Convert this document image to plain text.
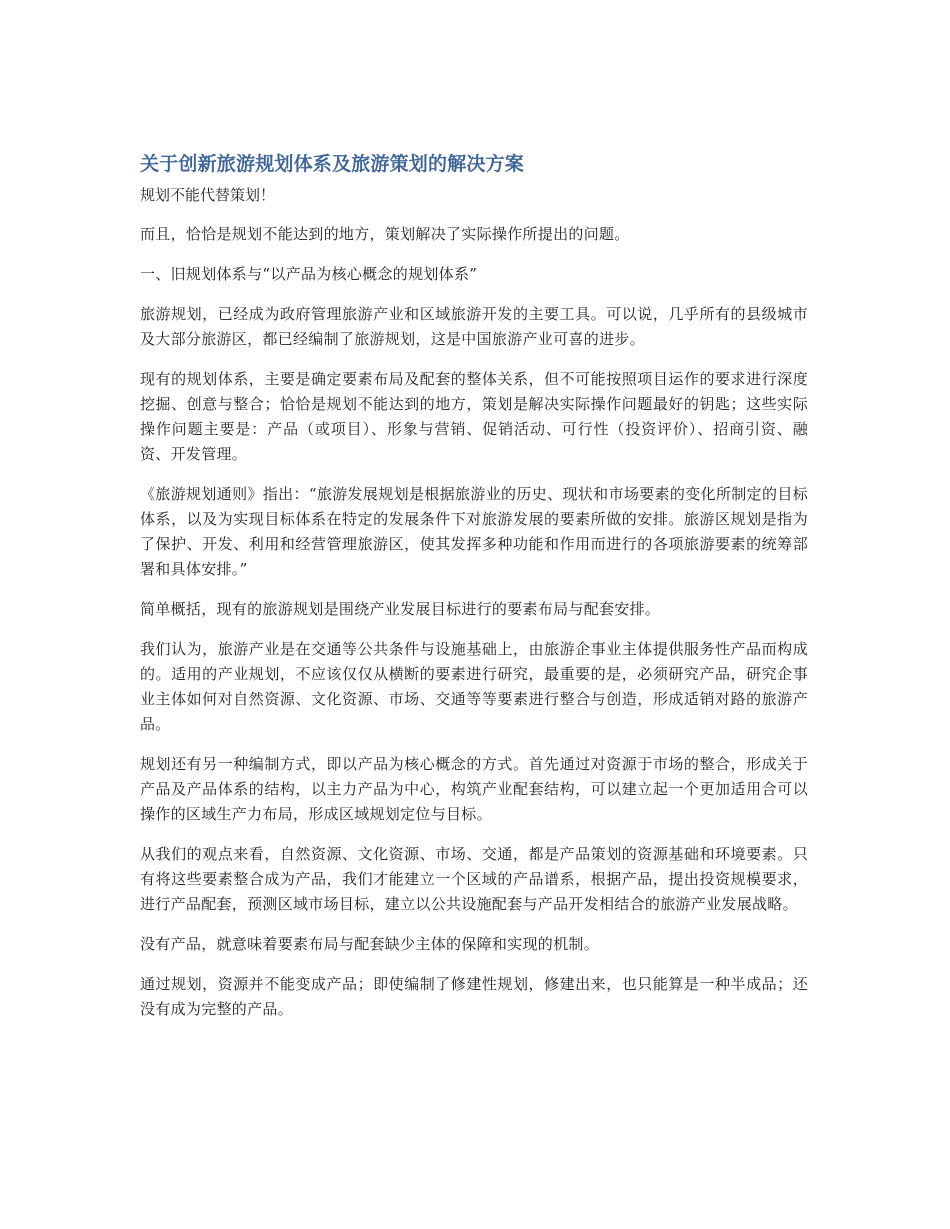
关于创新旅游规划体系及旅游策划的解决方案

规划不能代替策划！

而且，恰恰是规划不能达到的地方，策划解决了实际操作所提出的问题。

一、旧规划体系与“以产品为核心概念的规划体系”

旅游规划，已经成为政府管理旅游产业和区域旅游开发的主要工具。可以说，几乎所有的县级城市及大部分旅游区，都已经编制了旅游规划，这是中国旅游产业可喜的进步。

现有的规划体系，主要是确定要素布局及配套的整体关系，但不可能按照项目运作的要求进行深度挖掘、创意与整合；恰恰是规划不能达到的地方，策划是解决实际操作问题最好的钥匙；这些实际操作问题主要是：产品（或项目）、形象与营销、促销活动、可行性（投资评价）、招商引资、融资、开发管理。

《旅游规划通则》指出：“旅游发展规划是根据旅游业的历史、现状和市场要素的变化所制定的目标体系，以及为实现目标体系在特定的发展条件下对旅游发展的要素所做的安排。旅游区规划是指为了保护、开发、利用和经营管理旅游区，使其发挥多种功能和作用而进行的各项旅游要素的统筹部署和具体安排。”

简单概括，现有的旅游规划是围绕产业发展目标进行的要素布局与配套安排。

我们认为，旅游产业是在交通等公共条件与设施基础上，由旅游企事业主体提供服务性产品而构成的。适用的产业规划，不应该仅仅从横断的要素进行研究，最重要的是，必须研究产品，研究企事业主体如何对自然资源、文化资源、市场、交通等等要素进行整合与创造，形成适销对路的旅游产品。

规划还有另一种编制方式，即以产品为核心概念的方式。首先通过对资源于市场的整合，形成关于产品及产品体系的结构，以主力产品为中心，构筑产业配套结构，可以建立起一个更加适用合可以操作的区域生产力布局，形成区域规划定位与目标。

从我们的观点来看，自然资源、文化资源、市场、交通，都是产品策划的资源基础和环境要素。只有将这些要素整合成为产品，我们才能建立一个区域的产品谱系，根据产品，提出投资规模要求，进行产品配套，预测区域市场目标，建立以公共设施配套与产品开发相结合的旅游产业发展战略。

没有产品，就意味着要素布局与配套缺少主体的保障和实现的机制。

通过规划，资源并不能变成产品；即使编制了修建性规划，修建出来，也只能算是一种半成品；还没有成为完整的产品。
